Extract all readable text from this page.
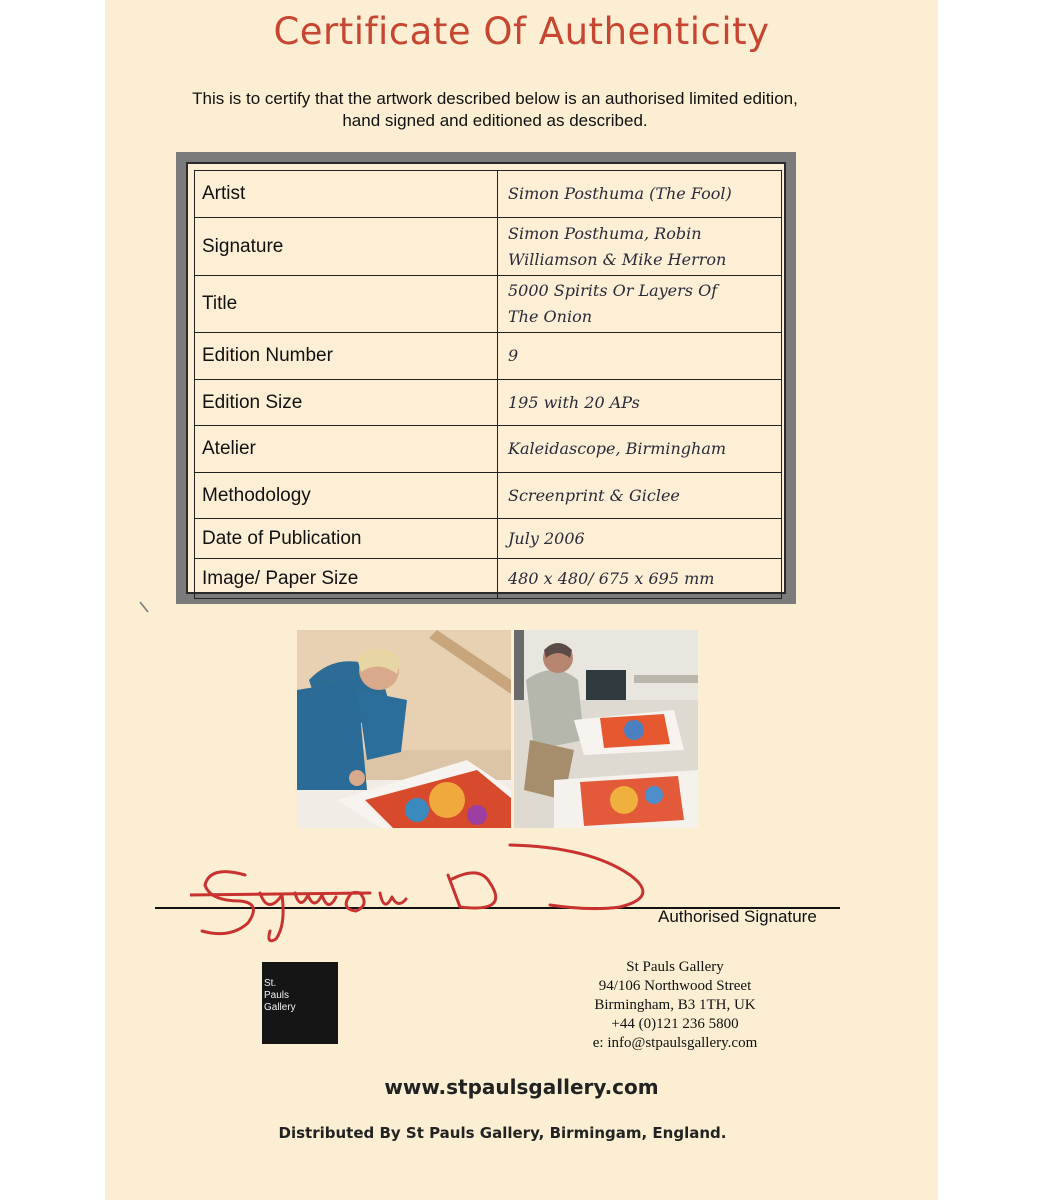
Certificate Of Authenticity
This is to certify that the artwork described below is an authorised limited edition,
hand signed and editioned as described.
Artist	Simon Posthuma (The Fool)

Signature	Simon Posthuma, Robin
Williamson & Mike Herron

Title	5000 Spirits Or Layers Of
The Onion

Edition Number	9

Edition Size	195 with 20 APs

Atelier	Kaleidascope, Birmingham

Methodology	Screenprint & Giclee

Date of Publication	July 2006

Image/ Paper Size	480 x 480/ 675 x 695 mm
Authorised Signature
St.
Pauls
Gallery
St Pauls Gallery
94/106 Northwood Street
Birmingham, B3 1TH, UK
+44 (0)121 236 5800
e: info@stpaulsgallery.com
www.stpaulsgallery.com
Distributed By St Pauls Gallery, Birmingam, England.
